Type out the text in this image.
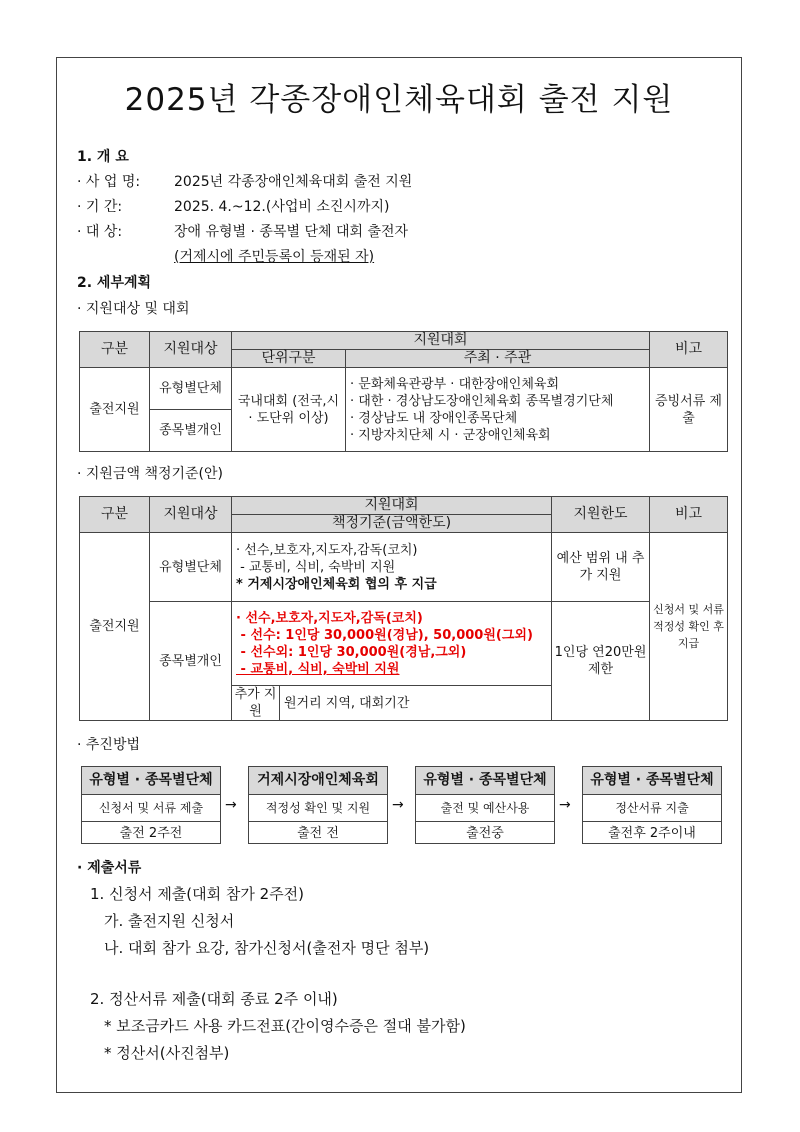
2025년 각종장애인체육대회 출전 지원
1. 개 요
· 사 업 명: 2025년 각종장애인체육대회 출전 지원
· 기 간:	2025. 4.~12.(사업비 소진시까지)
· 대 상:	장애 유형별 · 종목별 단체 대회 출전자
(거제시에 주민등록이 등재된 자)
2. 세부계획
· 지원대상 및 대회
구분	지원대상	지원대회		비고
		단위구분	주최 · 주관	
출전지원	유형별단체	국내대회 (전국,시 · 도단위 이상)	· 문화체육관광부 · 대한장애인체육회
· 대한 · 경상남도장애인체육회 종목별경기단체
· 경상남도 내 장애인종목단체
· 지방자치단체 시 · 군장애인체육회	증빙서류 제출
	종목별개인			
· 지원금액 책정기준(안)
구분	지원대상	지원대회		지원한도	비고
		책정기준(금액한도)			
출전지원	유형별단체	· 선수,보호자,지도자,감독(코치)
- 교통비, 식비, 숙박비 지원
* 거제시장애인체육회 협의 후 지급		예산 범위 내 추가 지원	신청서 및 서류 적정성 확인 후 지급
	종목별개인	· 선수,보호자,지도자,감독(코치)
- 선수: 1인당 30,000원(경남), 50,000원(그외)
- 선수외: 1인당 30,000원(경남,그외)
- 교통비, 식비, 숙박비 지원		1인당 연20만원 제한	
		추가 지원	원거리 지역, 대회기간		
· 추진방법
유형별 · 종목별단체
신청서 및 서류 제출
출전 2주전
→
거제시장애인체육회
적정성 확인 및 지원
출전 전
→
유형별 · 종목별단체
출전 및 예산사용
출전중
→
유형별 · 종목별단체
정산서류 지출
출전후 2주이내
· 제출서류
1. 신청서 제출(대회 참가 2주전)
가. 출전지원 신청서
나. 대회 참가 요강, 참가신청서(출전자 명단 첨부)
2. 정산서류 제출(대회 종료 2주 이내)
* 보조금카드 사용 카드전표(간이영수증은 절대 불가함)
* 정산서(사진첨부)
